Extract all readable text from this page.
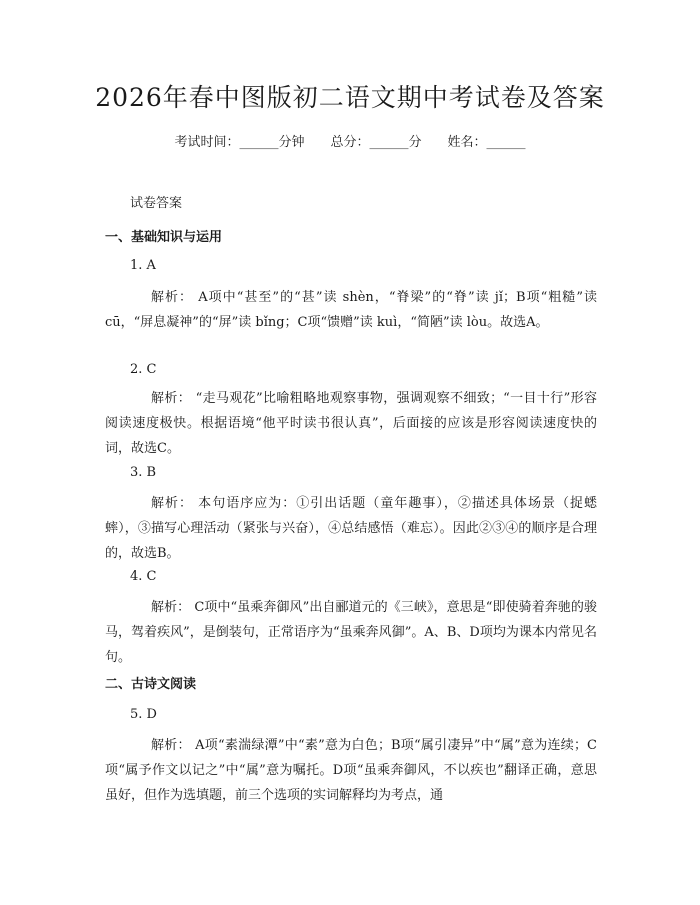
2026年春中图版初二语文期中考试卷及答案
考试时间：______分钟 总分：______分 姓名：______
试卷答案
一、基础知识与运用
1. A
解析： A项中“甚至”的“甚”读 shèn，“脊梁”的“脊”读 jǐ；B项“粗糙”读 cū，“屏息凝神”的“屏”读 bǐng；C项“馈赠”读 kuì，“简陋”读 lòu。故选A。
2. C
解析： “走马观花”比喻粗略地观察事物，强调观察不细致；“一目十行”形容阅读速度极快。根据语境“他平时读书很认真”，后面接的应该是形容阅读速度快的词，故选C。
3. B
解析： 本句语序应为：①引出话题（童年趣事），②描述具体场景（捉蟋蟀），③描写心理活动（紧张与兴奋），④总结感悟（难忘）。因此②③④的顺序是合理的，故选B。
4. C
解析： C项中“虽乘奔御风”出自郦道元的《三峡》，意思是“即使骑着奔驰的骏马，驾着疾风”，是倒装句，正常语序为“虽乘奔风御”。A、B、D项均为课本内常见名句。
二、古诗文阅读
5. D
解析： A项“素湍绿潭”中“素”意为白色；B项“属引凄异”中“属”意为连续；C项“属予作文以记之”中“属”意为嘱托。D项“虽乘奔御风，不以疾也”翻译正确，意思虽好，但作为选填题，前三个选项的实词解释均为考点，通
